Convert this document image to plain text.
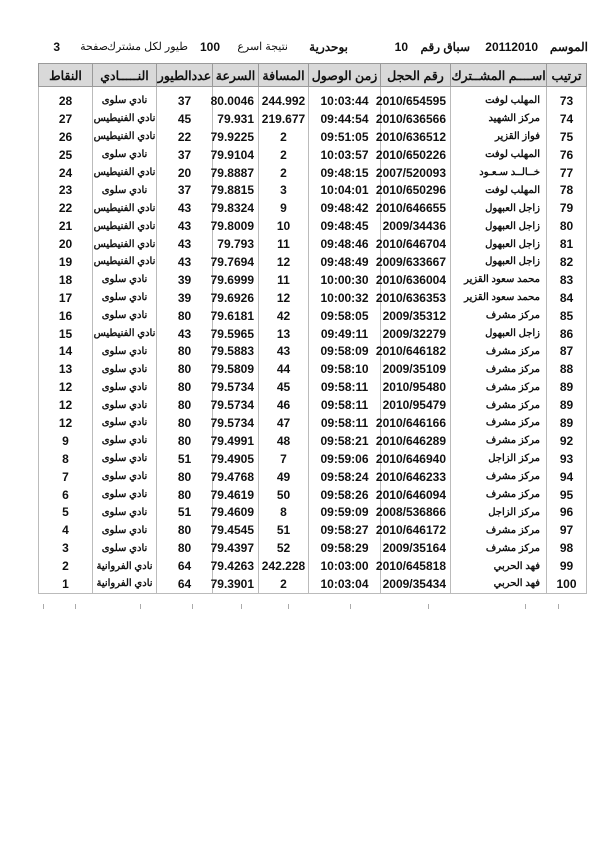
الموسم
20112010
سباق رقم
10
بوحدرية
نتيجة اسرع
100
طيور لكل مشترك
صفحة
3
ترتيب	اســــم المشــترك	رقم الحجل	زمن الوصول	المسافة	السرعة	عددالطيور	النـــــادي	النقاط

73	المهلب لوفت	2010/654595	10:03:44	244.992	80.0046	37	نادي سلوى	28
74	مركز الشهيد	2010/636566	09:44:54	219.677	79.931	45	نادي الفنيطيس	27
75	فواز القزير	2010/636512	09:51:05	2	79.9225	22	نادي الفنيطيس	26
76	المهلب لوفت	2010/650226	10:03:57	2	79.9104	37	نادي سلوى	25
77	خــالــد سـعـود	2007/520093	09:48:15	2	79.8887	20	نادي الفنيطيس	24
78	المهلب لوفت	2010/650296	10:04:01	3	79.8815	37	نادي سلوى	23
79	زاجل العبهول	2010/646655	09:48:42	9	79.8324	43	نادي الفنيطيس	22
80	زاجل العبهول	2009/34436	09:48:45	10	79.8009	43	نادي الفنيطيس	21
81	زاجل العبهول	2010/646704	09:48:46	11	79.793	43	نادي الفنيطيس	20
82	زاجل العبهول	2009/633667	09:48:49	12	79.7694	43	نادي الفنيطيس	19
83	محمد سعود القزير	2010/636004	10:00:30	11	79.6999	39	نادي سلوى	18
84	محمد سعود القزير	2010/636353	10:00:32	12	79.6926	39	نادي سلوى	17
85	مركز مشرف	2009/35312	09:58:05	42	79.6181	80	نادي سلوى	16
86	زاجل العبهول	2009/32279	09:49:11	13	79.5965	43	نادي الفنيطيس	15
87	مركز مشرف	2010/646182	09:58:09	43	79.5883	80	نادي سلوى	14
88	مركز مشرف	2009/35109	09:58:10	44	79.5809	80	نادي سلوى	13
89	مركز مشرف	2010/95480	09:58:11	45	79.5734	80	نادي سلوى	12
89	مركز مشرف	2010/95479	09:58:11	46	79.5734	80	نادي سلوى	12
89	مركز مشرف	2010/646166	09:58:11	47	79.5734	80	نادي سلوى	12
92	مركز مشرف	2010/646289	09:58:21	48	79.4991	80	نادي سلوى	9
93	مركز الزاجل	2010/646940	09:59:06	7	79.4905	51	نادي سلوى	8
94	مركز مشرف	2010/646233	09:58:24	49	79.4768	80	نادي سلوى	7
95	مركز مشرف	2010/646094	09:58:26	50	79.4619	80	نادي سلوى	6
96	مركز الزاجل	2008/536866	09:59:09	8	79.4609	51	نادي سلوى	5
97	مركز مشرف	2010/646172	09:58:27	51	79.4545	80	نادي سلوى	4
98	مركز مشرف	2009/35164	09:58:29	52	79.4397	80	نادي سلوى	3
99	فهد الحربي	2010/645818	10:03:00	242.228	79.4263	64	نادي الفروانية	2
100	فهد الحربي	2009/35434	10:03:04	2	79.3901	64	نادي الفروانية	1
